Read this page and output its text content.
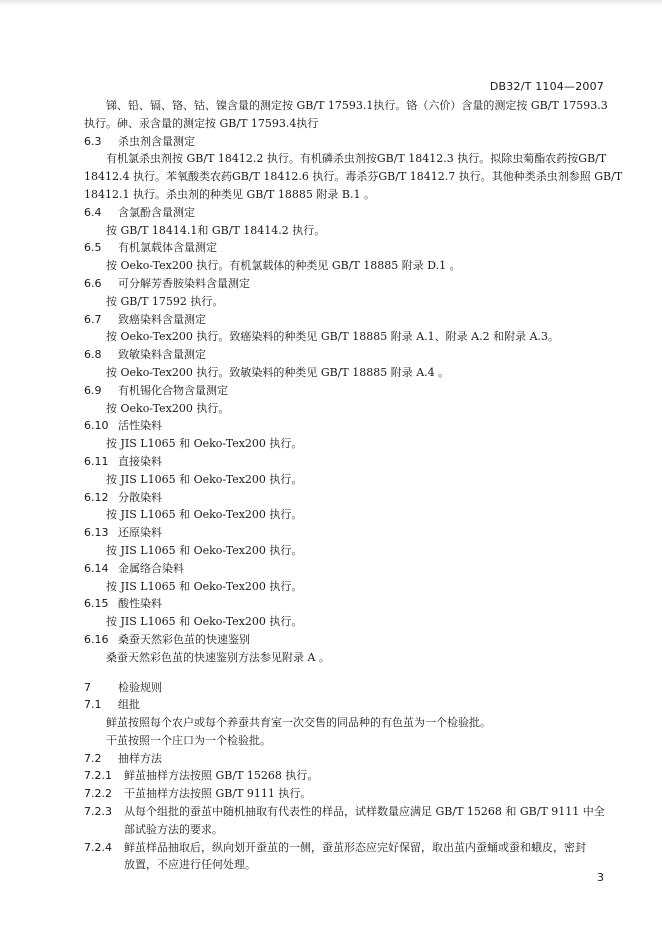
DB32/T 1104—2007
锑、铅、镉、铬、钴、镍含量的测定按 GB/T 17593.1执行。铬（六价）含量的测定按 GB/T 17593.3
执行。砷、汞含量的测定按 GB/T 17593.4执行
6.3 杀虫剂含量测定
有机氯杀虫剂按 GB/T 18412.2 执行。有机磷杀虫剂按GB/T 18412.3 执行。拟除虫菊酯农药按GB/T
18412.4 执行。苯氧酸类农药GB/T 18412.6 执行。毒杀芬GB/T 18412.7 执行。其他种类杀虫剂参照 GB/T
18412.1 执行。杀虫剂的种类见 GB/T 18885 附录 B.1 。
6.4 含氯酚含量测定
按 GB/T 18414.1和 GB/T 18414.2 执行。
6.5 有机氯载体含量测定
按 Oeko-Tex200 执行。有机氯载体的种类见 GB/T 18885 附录 D.1 。
6.6 可分解芳香胺染料含量测定
按 GB/T 17592 执行。
6.7 致癌染料含量测定
按 Oeko-Tex200 执行。致癌染料的种类见 GB/T 18885 附录 A.1、附录 A.2 和附录 A.3。
6.8 致敏染料含量测定
按 Oeko-Tex200 执行。致敏染料的种类见 GB/T 18885 附录 A.4 。
6.9 有机锡化合物含量测定
按 Oeko-Tex200 执行。
6.10 活性染料
按 JIS L1065 和 Oeko-Tex200 执行。
6.11 直接染料
按 JIS L1065 和 Oeko-Tex200 执行。
6.12 分散染料
按 JIS L1065 和 Oeko-Tex200 执行。
6.13 还原染料
按 JIS L1065 和 Oeko-Tex200 执行。
6.14 金属络合染料
按 JIS L1065 和 Oeko-Tex200 执行。
6.15 酸性染料
按 JIS L1065 和 Oeko-Tex200 执行。
6.16 桑蚕天然彩色茧的快速鉴别
桑蚕天然彩色茧的快速鉴别方法参见附录 A 。
7 检验规则
7.1 组批
鲜茧按照每个农户或每个养蚕共育室一次交售的同品种的有色茧为一个检验批。
干茧按照一个庄口为一个检验批。
7.2 抽样方法
7.2.1 鲜茧抽样方法按照 GB/T 15268 执行。
7.2.2 干茧抽样方法按照 GB/T 9111 执行。
7.2.3 从每个组批的蚕茧中随机抽取有代表性的样品，试样数量应满足 GB/T 15268 和 GB/T 9111 中全
部试验方法的要求。
7.2.4 鲜茧样品抽取后，纵向划开蚕茧的一侧，蚕茧形态应完好保留，取出茧内蚕蛹或蚕和蛾皮，密封
放置，不应进行任何处理。
3
